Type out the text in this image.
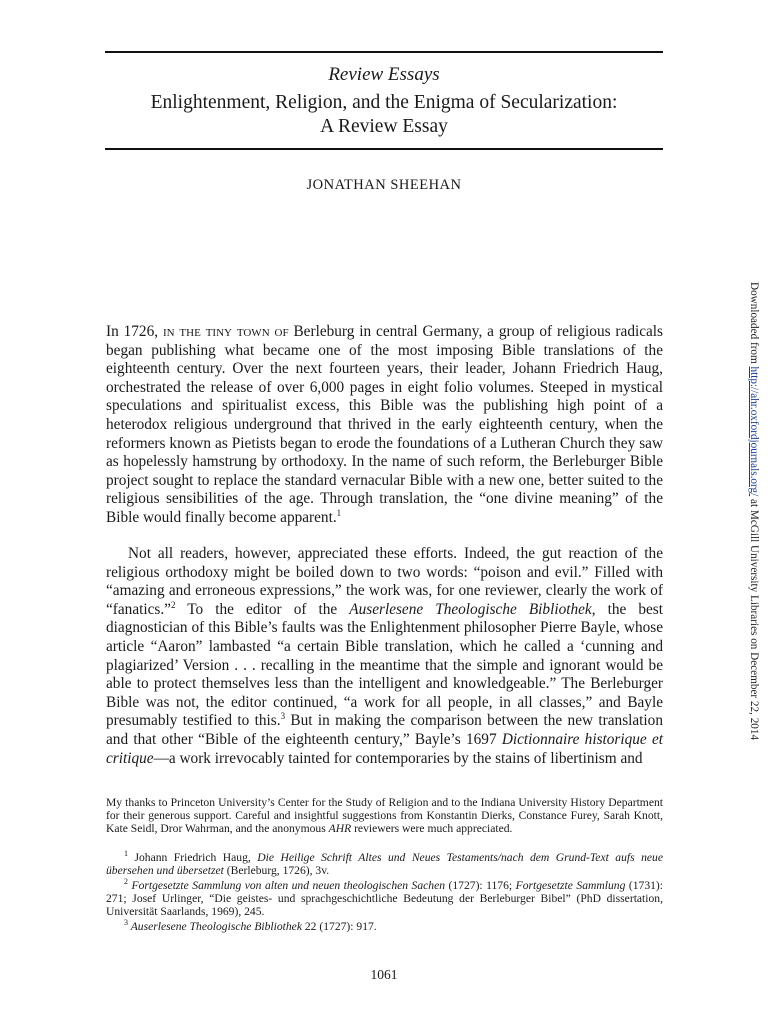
Review Essays
Enlightenment, Religion, and the Enigma of Secularization:
A Review Essay
JONATHAN SHEEHAN

In 1726, in the tiny town of Berleburg in central Germany, a group of religious radicals began publishing what became one of the most imposing Bible translations of the eighteenth century. Over the next fourteen years, their leader, Johann Friedrich Haug, orchestrated the release of over 6,000 pages in eight folio volumes. Steeped in mystical speculations and spiritualist excess, this Bible was the publishing high point of a heterodox religious underground that thrived in the early eighteenth century, when the reformers known as Pietists began to erode the foundations of a Lutheran Church they saw as hopelessly hamstrung by orthodoxy. In the name of such reform, the Berleburger Bible project sought to replace the standard vernacular Bible with a new one, better suited to the religious sensibilities of the age. Through translation, the “one divine meaning” of the Bible would finally become apparent.$^1$

Not all readers, however, appreciated these efforts. Indeed, the gut reaction of the religious orthodoxy might be boiled down to two words: “poison and evil.” Filled with “amazing and erroneous expressions,” the work was, for one reviewer, clearly the work of “fanatics.”$^2$ To the editor of the Auserlesene Theologische Bibliothek, the best diagnostician of this Bible’s faults was the Enlightenment philosopher Pierre Bayle, whose article “Aaron” lambasted “a certain Bible translation, which he called a ‘cunning and plagiarized’ Version . . . recalling in the meantime that the simple and ignorant would be able to protect themselves less than the intelligent and knowledgeable.” The Berleburger Bible was not, the editor continued, “a work for all people, in all classes,” and Bayle presumably testified to this.$^3$ But in making the comparison between the new translation and that other “Bible of the eighteenth century,” Bayle’s 1697 Dictionnaire historique et critique—a work irrevocably tainted for contemporaries by the stains of libertinism and

My thanks to Princeton University’s Center for the Study of Religion and to the Indiana University History Department for their generous support. Careful and insightful suggestions from Konstantin Dierks, Constance Furey, Sarah Knott, Kate Seidl, Dror Wahrman, and the anonymous AHR reviewers were much appreciated.
$^1$ Johann Friedrich Haug, Die Heilige Schrift Altes und Neues Testaments/nach dem Grund-Text aufs neue übersehen und übersetzet (Berleburg, 1726), 3v.
$^2$ Fortgesetzte Sammlung von alten und neuen theologischen Sachen (1727): 1176; Fortgesetzte Sammlung (1731): 271; Josef Urlinger, “Die geistes- und sprachgeschichtliche Bedeutung der Berleburger Bibel” (PhD dissertation, Universität Saarlands, 1969), 245.
$^3$ Auserlesene Theologische Bibliothek 22 (1727): 917.
1061
Downloaded from http://ahr.oxfordjournals.org/ at McGill University Libraries on December 22, 2014
